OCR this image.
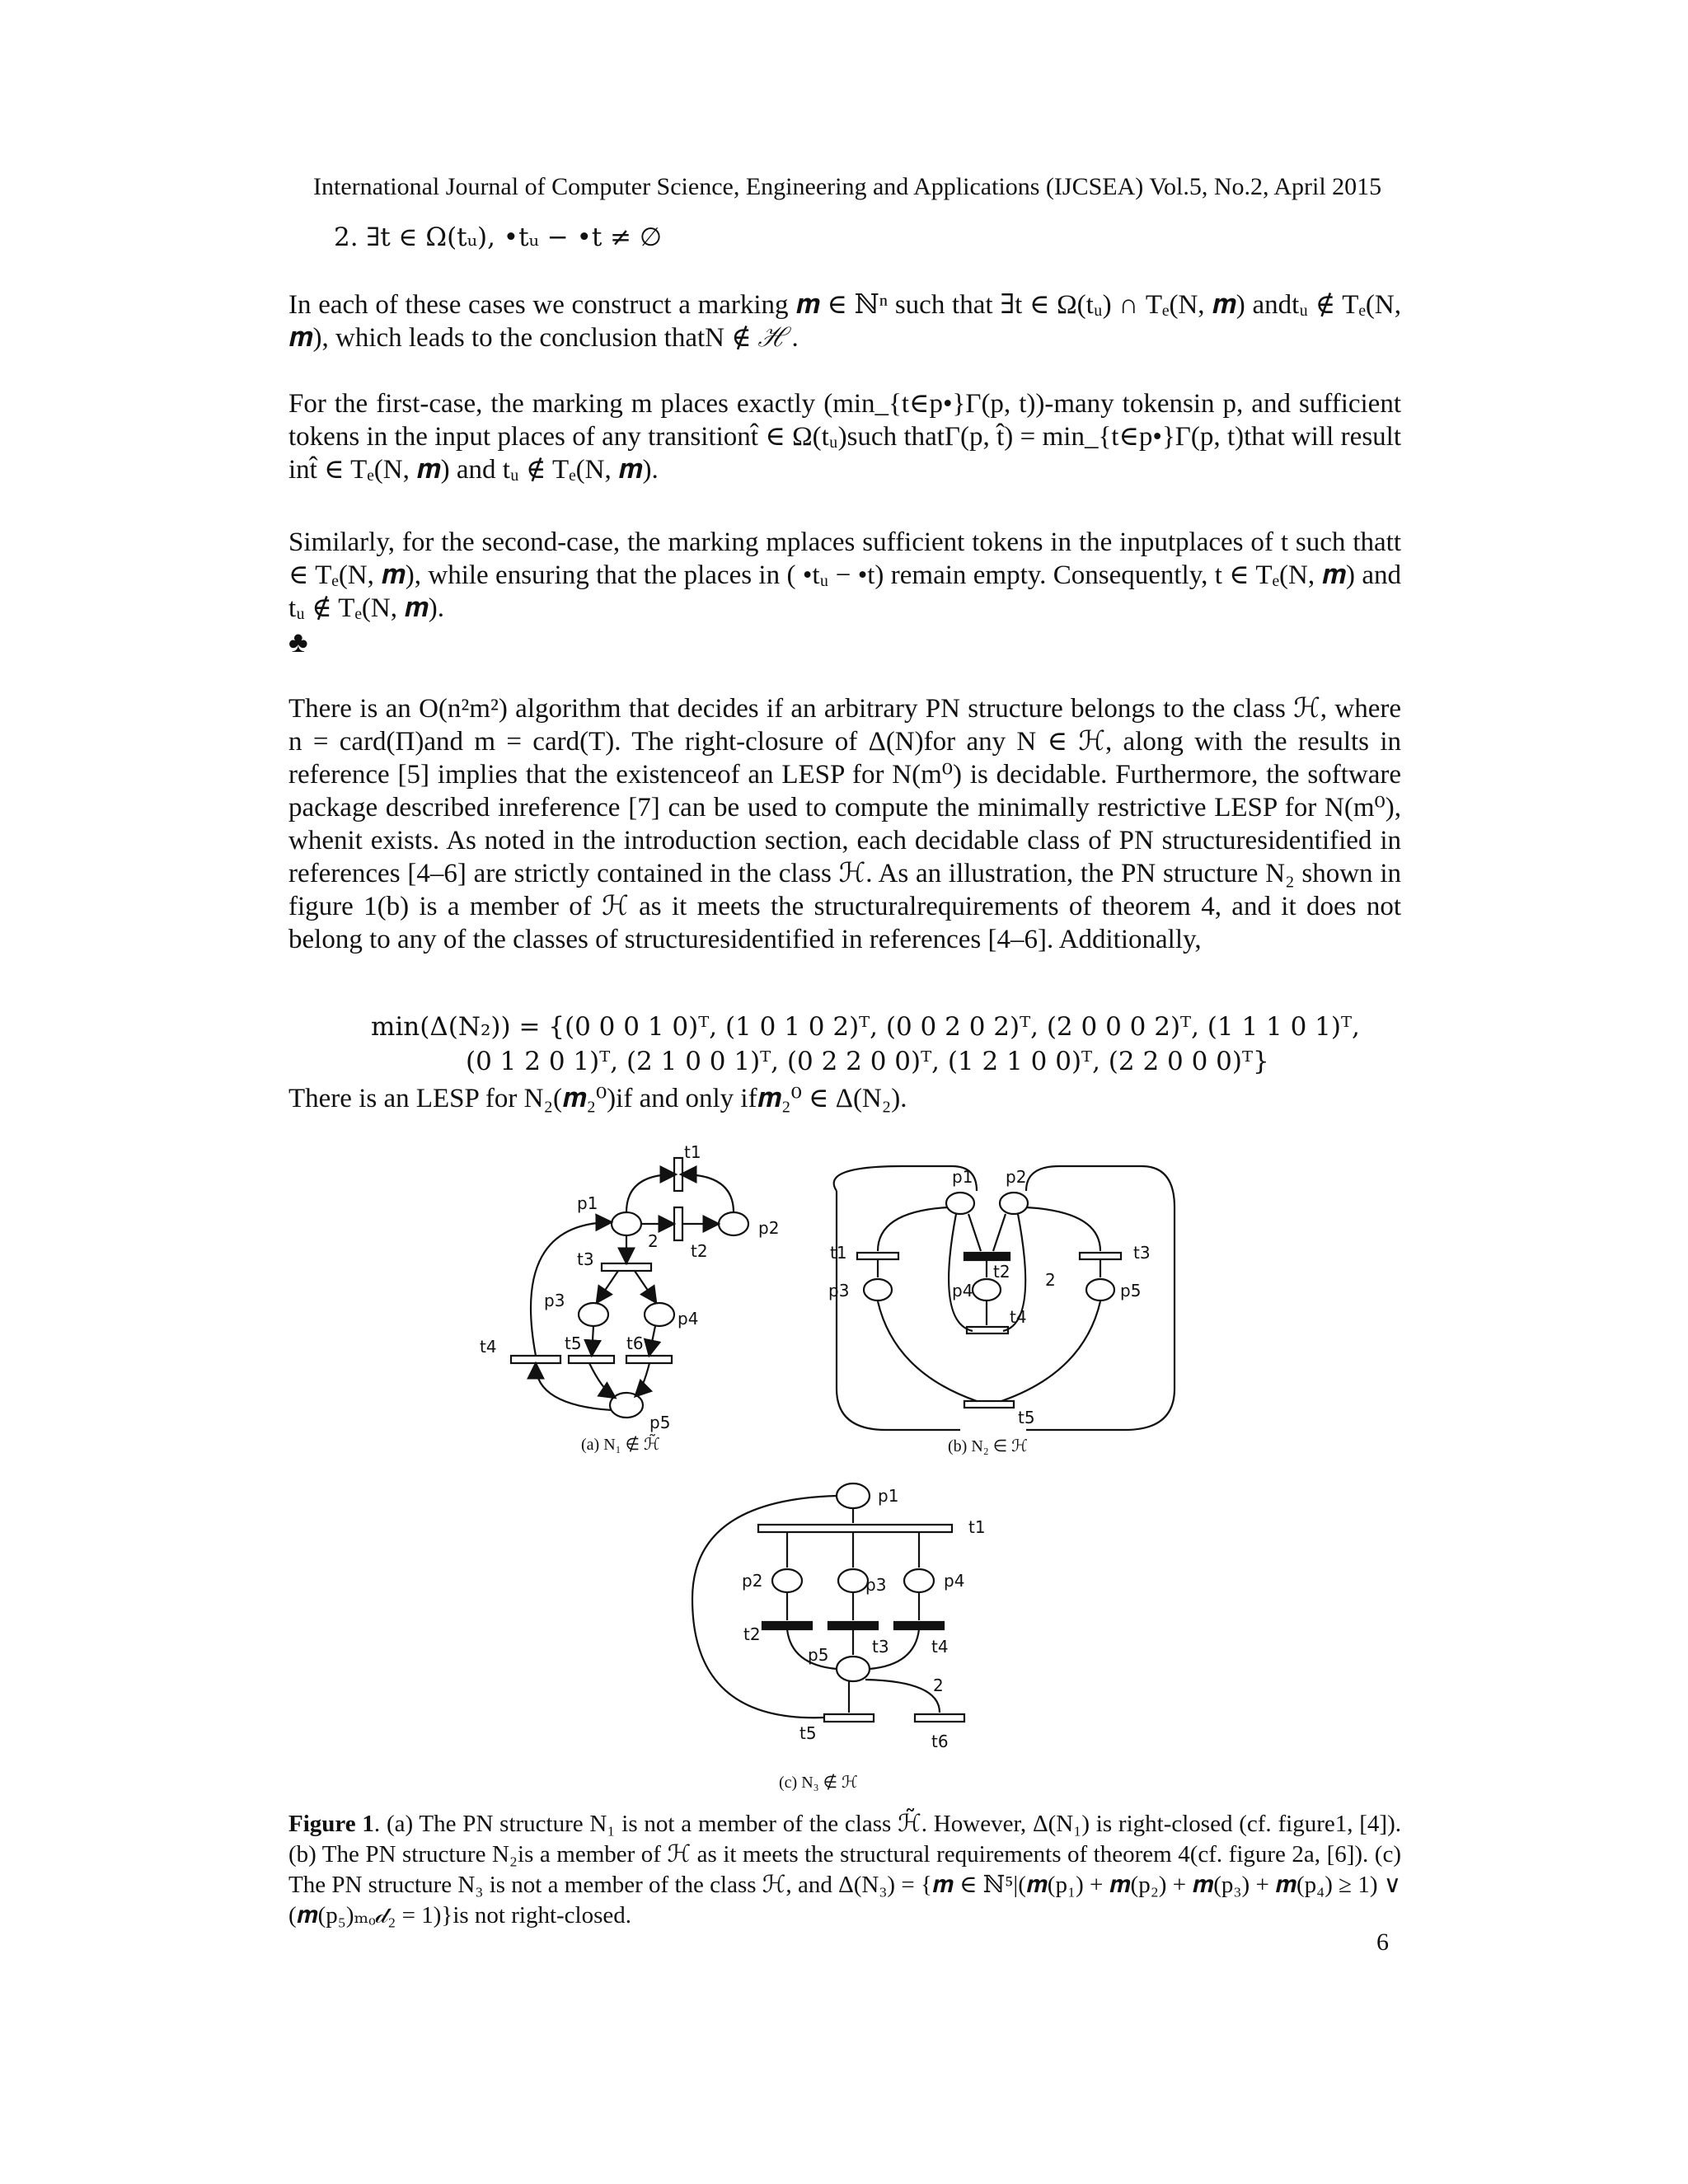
International Journal of Computer Science, Engineering and Applications (IJCSEA) Vol.5, No.2, April 2015
2. ∃t ∈ Ω(tᵤ), •tᵤ − •t ≠ ∅
In each of these cases we construct a marking 𝒎 ∈ ℕⁿ such that ∃t ∈ Ω(tᵤ) ∩ Tₑ(N, 𝒎) andtᵤ ∉ Tₑ(N, 𝒎), which leads to the conclusion thatN ∉ ℋ.
For the first-case, the marking m places exactly (min_{t∈p•}Γ(p, t))-many tokensin p, and sufficient tokens in the input places of any transitiont̂ ∈ Ω(tᵤ)such thatΓ(p, t̂) = min_{t∈p•}Γ(p, t)that will result int̂ ∈ Tₑ(N, 𝒎) and tᵤ ∉ Tₑ(N, 𝒎).
Similarly, for the second-case, the marking mplaces sufficient tokens in the inputplaces of t such thatt ∈ Tₑ(N, 𝒎), while ensuring that the places in ( •tᵤ − •t) remain empty. Consequently, t ∈ Tₑ(N, 𝒎) and tᵤ ∉ Tₑ(N, 𝒎).
♣
There is an O(n²m²) algorithm that decides if an arbitrary PN structure belongs to the class ℋ, where n = card(Π)and m = card(T). The right-closure of Δ(N)for any N ∈ ℋ, along with the results in reference [5] implies that the existenceof an LESP for N(m⁰) is decidable. Furthermore, the software package described inreference [7] can be used to compute the minimally restrictive LESP for N(m⁰), whenit exists. As noted in the introduction section, each decidable class of PN structuresidentified in references [4–6] are strictly contained in the class ℋ. As an illustration, the PN structure N₂ shown in figure 1(b) is a member of ℋ as it meets the structuralrequirements of theorem 4, and it does not belong to any of the classes of structuresidentified in references [4–6]. Additionally,
min(Δ(N₂)) = {(0 0 0 1 0)ᵀ, (1 0 1 0 2)ᵀ, (0 0 2 0 2)ᵀ, (2 0 0 0 2)ᵀ, (1 1 1 0 1)ᵀ,
(0 1 2 0 1)ᵀ, (2 1 0 0 1)ᵀ, (0 2 2 0 0)ᵀ, (1 2 1 0 0)ᵀ, (2 2 0 0 0)ᵀ}
There is an LESP for N₂(𝒎₂⁰)if and only if𝒎₂⁰ ∈ Δ(N₂).
p1
p2
p3
p4
p5
t1
t2
t3
t4	t5	t6
2
(a) N₁ ∉ ℋ̃
p1 p2
p3	p4	p5
t1
t2
t3
t4
t5
2
(b) N₂ ∈ ℋ
p1
t1
p2	p3	p4
t2
p5	t3	t4
t5	t6
2
(c) N₃ ∉ ℋ
Figure 1. (a) The PN structure N₁ is not a member of the class ℋ̃. However, Δ(N₁) is right-closed (cf. figure1, [4]). (b) The PN structure N₂is a member of ℋ as it meets the structural requirements of theorem 4(cf. figure 2a, [6]). (c) The PN structure N₃ is not a member of the class ℋ, and Δ(N₃) = {𝒎 ∈ ℕ⁵|(𝒎(p₁) + 𝒎(p₂) + 𝒎(p₃) + 𝒎(p₄) ≥ 1) ∨ (𝒎(p₅)ₘₒ𝒹₂ = 1)}is not right-closed.
6
